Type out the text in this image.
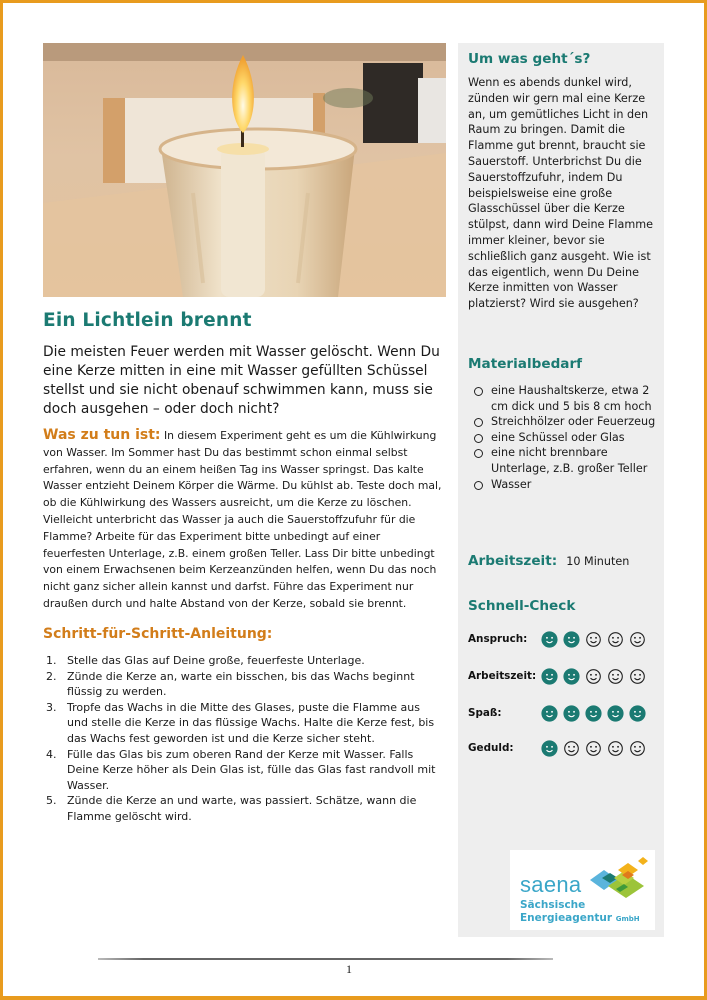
Ein Lichtlein brennt

Die meisten Feuer werden mit Wasser gelöscht. Wenn Du eine Kerze mitten in eine mit Wasser gefüllten Schüssel stellst und sie nicht obenauf schwimmen kann, muss sie doch ausgehen – oder doch nicht?

Was zu tun ist: In diesem Experiment geht es um die Kühlwirkung von Wasser. Im Sommer hast Du das bestimmt schon einmal selbst erfahren, wenn du an einem heißen Tag ins Wasser springst. Das kalte Wasser entzieht Deinem Körper die Wärme. Du kühlst ab. Teste doch mal, ob die Kühlwirkung des Wassers ausreicht, um die Kerze zu löschen. Vielleicht unterbricht das Wasser ja auch die Sauerstoffzufuhr für die Flamme? Arbeite für das Experiment bitte unbedingt auf einer feuerfesten Unterlage, z.B. einem großen Teller. Lass Dir bitte unbedingt von einem Erwachsenen beim Kerzeanzünden helfen, wenn Du das noch nicht ganz sicher allein kannst und darfst. Führe das Experiment nur draußen durch und halte Abstand von der Kerze, sobald sie brennt.

Schritt-für-Schritt-Anleitung:
1. Stelle das Glas auf Deine große, feuerfeste Unterlage.
2. Zünde die Kerze an, warte ein bisschen, bis das Wachs beginnt flüssig zu werden.
3. Tropfe das Wachs in die Mitte des Glases, puste die Flamme aus und stelle die Kerze in das flüssige Wachs. Halte die Kerze fest, bis das Wachs fest geworden ist und die Kerze sicher steht.
4. Fülle das Glas bis zum oberen Rand der Kerze mit Wasser. Falls Deine Kerze höher als Dein Glas ist, fülle das Glas fast randvoll mit Wasser.
5. Zünde die Kerze an und warte, was passiert. Schätze, wann die Flamme gelöscht wird.
Um was geht´s?

Wenn es abends dunkel wird, zünden wir gern mal eine Kerze an, um gemütliches Licht in den Raum zu bringen. Damit die Flamme gut brennt, braucht sie Sauerstoff. Unterbrichst Du die Sauerstoffzufuhr, indem Du beispielsweise eine große Glasschüssel über die Kerze stülpst, dann wird Deine Flamme immer kleiner, bevor sie schließlich ganz ausgeht. Wie ist das eigentlich, wenn Du Deine Kerze inmitten von Wasser platzierst? Wird sie ausgehen?

Materialbedarf
eine Haushaltskerze, etwa 2 cm dick und 5 bis 8 cm hoch
Streichhölzer oder Feuerzeug
eine Schüssel oder Glas
eine nicht brennbare Unterlage, z.B. großer Teller
Wasser

Arbeitszeit: 10 Minuten

Schnell-Check
Anspruch:
Arbeitszeit:
Spaß:
Geduld:
saena
Sächsische
Energieagentur GmbH
1
